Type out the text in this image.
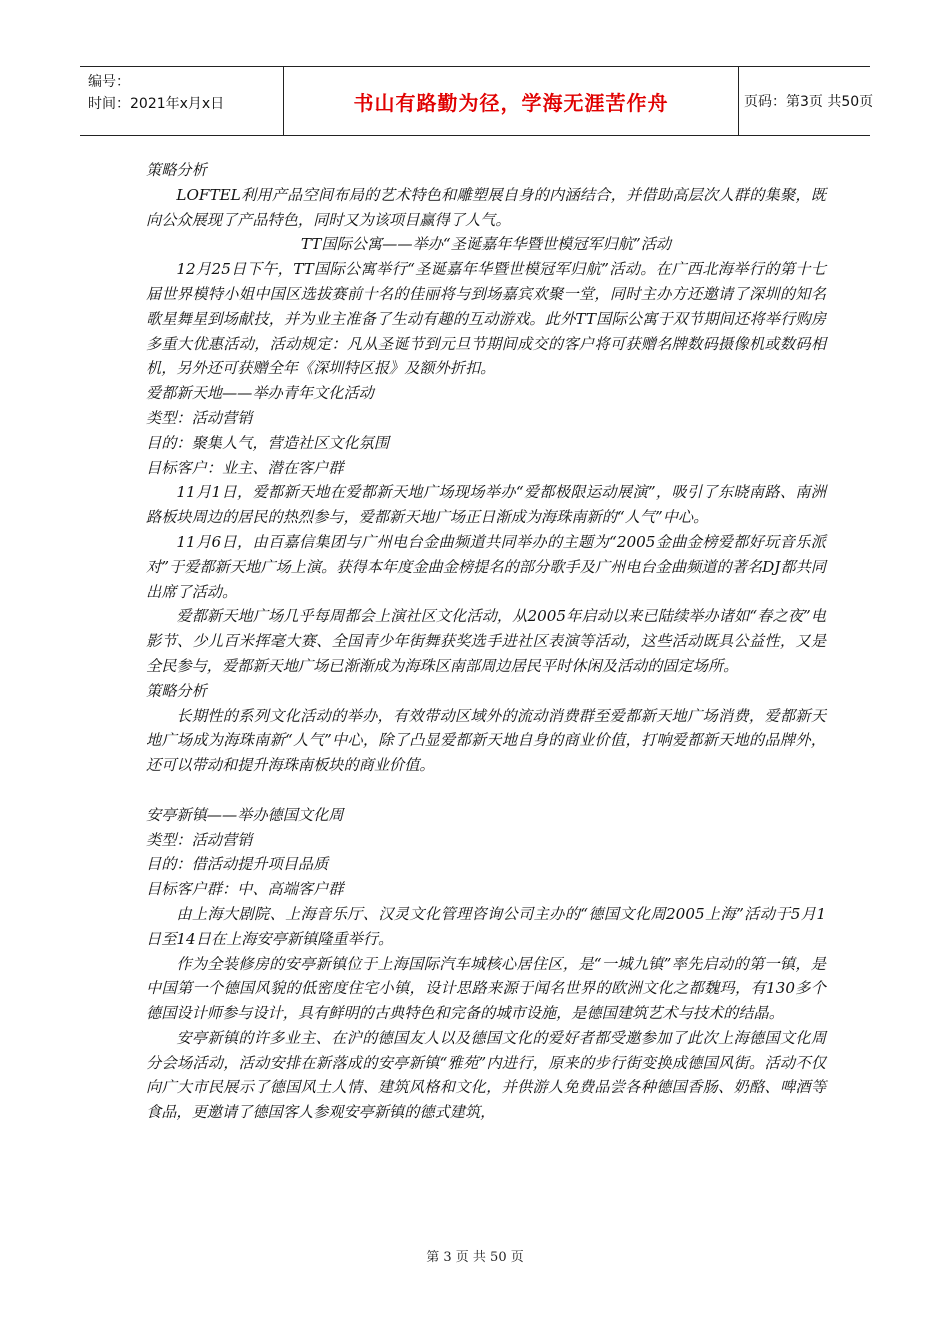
编号：
时间：2021年x月x日	书山有路勤为径，学海无涯苦作舟	页码：第3页 共50页

策略分析

LOFTEL利用产品空间布局的艺术特色和雕塑展自身的内涵结合，并借助高层次人群的集聚，既向公众展现了产品特色，同时又为该项目赢得了人气。

TT国际公寓——举办“圣诞嘉年华暨世模冠军归航”活动

12月25日下午，TT国际公寓举行“圣诞嘉年华暨世模冠军归航”活动。在广西北海举行的第十七届世界模特小姐中国区选拔赛前十名的佳丽将与到场嘉宾欢聚一堂，同时主办方还邀请了深圳的知名歌星舞星到场献技，并为业主准备了生动有趣的互动游戏。此外TT国际公寓于双节期间还将举行购房多重大优惠活动，活动规定：凡从圣诞节到元旦节期间成交的客户将可获赠名牌数码摄像机或数码相机，另外还可获赠全年《深圳特区报》及额外折扣。

爱都新天地——举办青年文化活动

类型：活动营销

目的：聚集人气，营造社区文化氛围

目标客户：业主、潜在客户群

11月1日，爱都新天地在爱都新天地广场现场举办“爱都极限运动展演”，吸引了东晓南路、南洲路板块周边的居民的热烈参与，爱都新天地广场正日渐成为海珠南新的“人气”中心。

11月6日，由百嘉信集团与广州电台金曲频道共同举办的主题为“2005金曲金榜爱都好玩音乐派对”于爱都新天地广场上演。获得本年度金曲金榜提名的部分歌手及广州电台金曲频道的著名DJ都共同出席了活动。

爱都新天地广场几乎每周都会上演社区文化活动，从2005年启动以来已陆续举办诸如“春之夜”电影节、少儿百米挥毫大赛、全国青少年街舞获奖选手进社区表演等活动，这些活动既具公益性，又是全民参与，爱都新天地广场已渐渐成为海珠区南部周边居民平时休闲及活动的固定场所。

策略分析

长期性的系列文化活动的举办，有效带动区域外的流动消费群至爱都新天地广场消费，爱都新天地广场成为海珠南新“人气”中心，除了凸显爱都新天地自身的商业价值，打响爱都新天地的品牌外，还可以带动和提升海珠南板块的商业价值。

安亭新镇——举办德国文化周

类型：活动营销

目的：借活动提升项目品质

目标客户群：中、高端客户群

由上海大剧院、上海音乐厅、汉灵文化管理咨询公司主办的“德国文化周2005上海”活动于5月1日至14日在上海安亭新镇隆重举行。

作为全装修房的安亭新镇位于上海国际汽车城核心居住区，是“一城九镇”率先启动的第一镇，是中国第一个德国风貌的低密度住宅小镇，设计思路来源于闻名世界的欧洲文化之都魏玛，有130多个德国设计师参与设计，具有鲜明的古典特色和完备的城市设施，是德国建筑艺术与技术的结晶。

安亭新镇的许多业主、在沪的德国友人以及德国文化的爱好者都受邀参加了此次上海德国文化周分会场活动，活动安排在新落成的安亭新镇“雅苑”内进行，原来的步行街变换成德国风街。活动不仅向广大市民展示了德国风土人情、建筑风格和文化，并供游人免费品尝各种德国香肠、奶酪、啤酒等食品，更邀请了德国客人参观安亭新镇的德式建筑，

第 3 页 共 50 页
